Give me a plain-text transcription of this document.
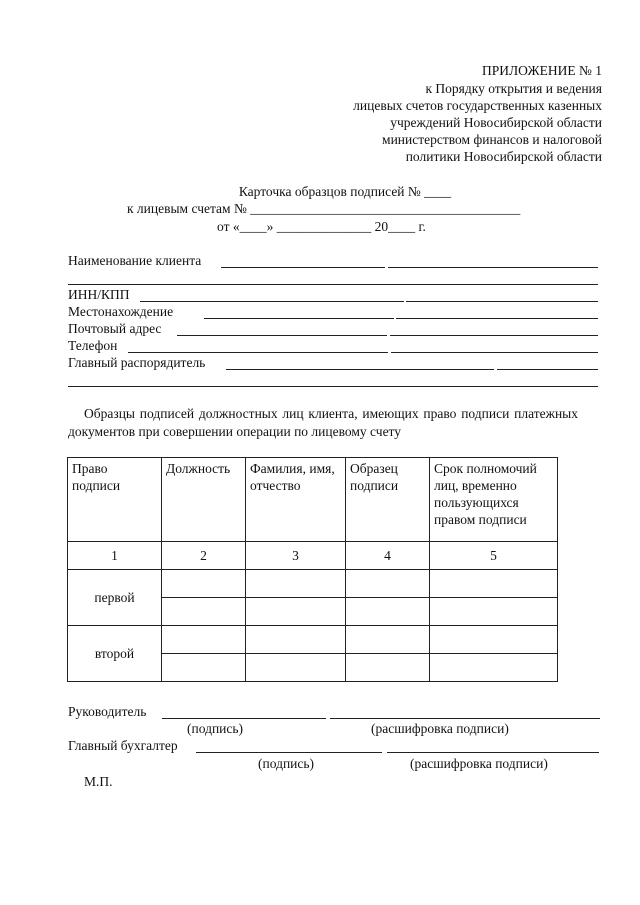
ПРИЛОЖЕНИЕ № 1
к Порядку открытия и ведения
лицевых счетов государственных казенных
учреждений Новосибирской области
министерством финансов и налоговой
политики Новосибирской области
Карточка образцов подписей № ____
к лицевым счетам № ________________________________________
от «____» ______________ 20____ г.
Наименование клиента
ИНН/КПП
Местонахождение
Почтовый адрес
Телефон
Главный распорядитель
Образцы подписей должностных лиц клиента, имеющих право подписи платежных документов при совершении операции по лицевому счету
Право подписи	Должность	Фамилия, имя, отчество	Образец подписи	Срок полномочий лиц, временно пользующихся правом подписи
1	2	3	4	5
первой				

второй				

Руководитель
(подпись)	(расшифровка подписи)
Главный бухгалтер
(подпись)	(расшифровка подписи)
М.П.
